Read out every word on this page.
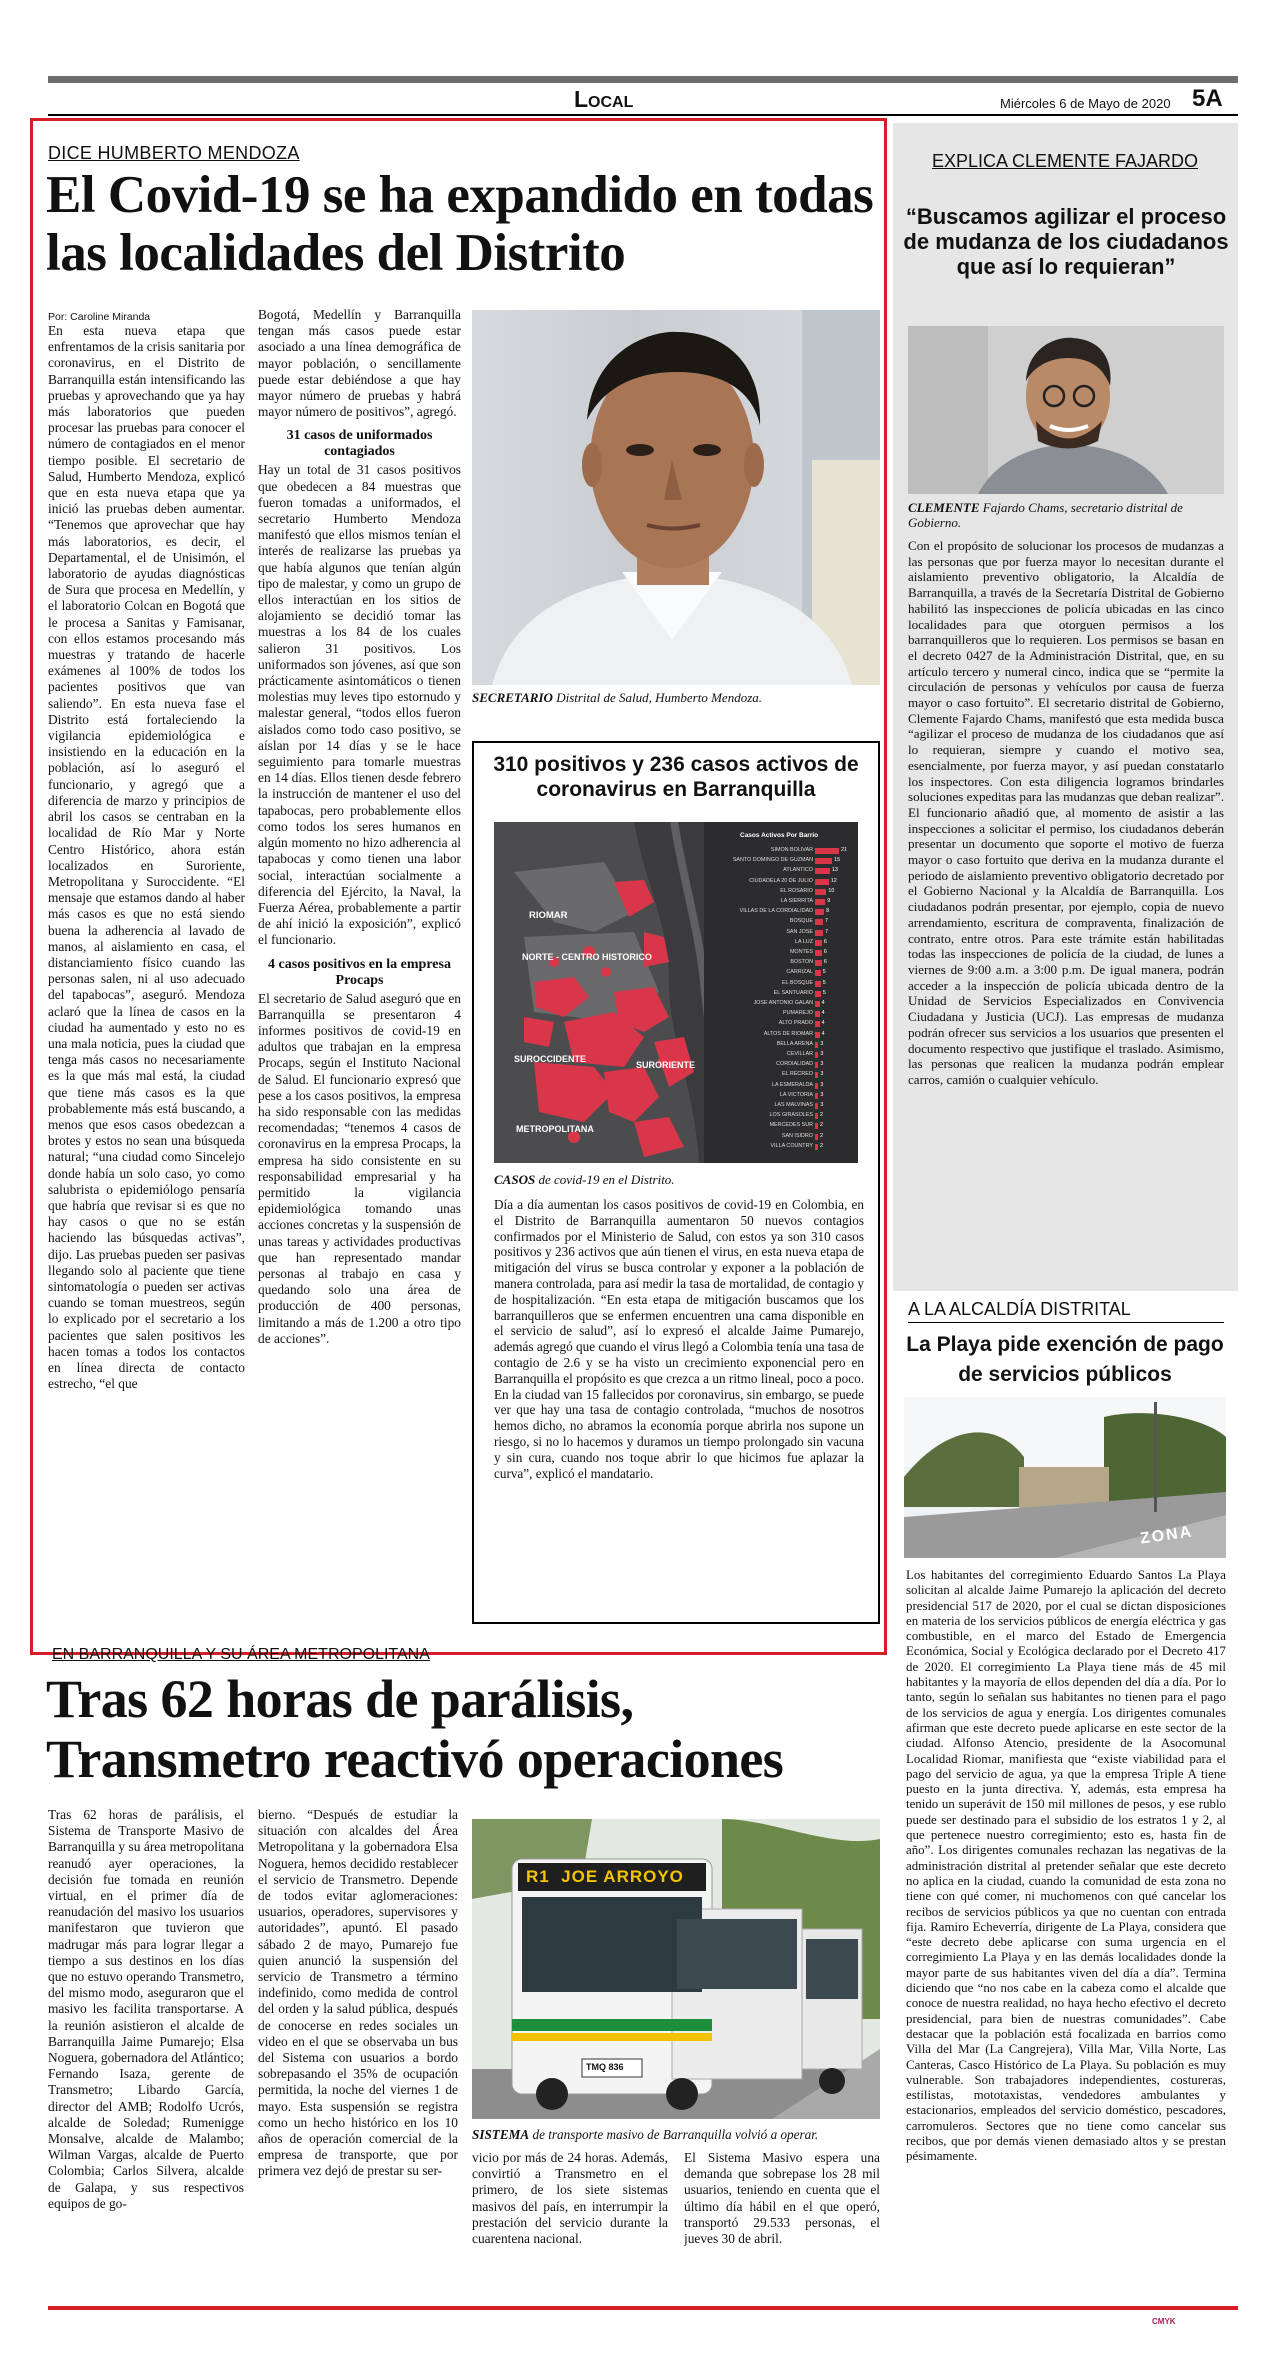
Local	Miércoles 6 de Mayo de 2020 5A
DICE HUMBERTO MENDOZA
El Covid-19 se ha expandido en todas las localidades del Distrito
Por: Caroline Miranda

En esta nueva etapa que enfrentamos de la crisis sanitaria por coronavirus, en el Distrito de Barranquilla están intensificando las pruebas y aprovechando que ya hay más laboratorios que pueden procesar las pruebas para conocer el número de contagiados en el menor tiempo posible. El secretario de Salud, Humberto Mendoza, explicó que en esta nueva etapa que ya inició las pruebas deben aumentar. “Tenemos que aprovechar que hay más laboratorios, es decir, el Departamental, el de Unisimón, el laboratorio de ayudas diagnósticas de Sura que procesa en Medellín, y el laboratorio Colcan en Bogotá que le procesa a Sanitas y Famisanar, con ellos estamos procesando más muestras y tratando de hacerle exámenes al 100% de todos los pacientes positivos que van saliendo”. En esta nueva fase el Distrito está fortaleciendo la vigilancia epidemiológica e insistiendo en la educación en la población, así lo aseguró el funcionario, y agregó que a diferencia de marzo y principios de abril los casos se centraban en la localidad de Río Mar y Norte Centro Histórico, ahora están localizados en Suroriente, Metropolitana y Suroccidente. “El mensaje que estamos dando al haber más casos es que no está siendo buena la adherencia al lavado de manos, al aislamiento en casa, el distanciamiento físico cuando las personas salen, ni al uso adecuado del tapabocas”, aseguró. Mendoza aclaró que la línea de casos en la ciudad ha aumentado y esto no es una mala noticia, pues la ciudad que tenga más casos no necesariamente es la que más mal está, la ciudad que tiene más casos es la que probablemente más está buscando, a menos que esos casos obedezcan a brotes y estos no sean una búsqueda natural; “una ciudad como Sincelejo donde había un solo caso, yo como salubrista o epidemiólogo pensaría que habría que revisar si es que no hay casos o que no se están haciendo las búsquedas activas”, dijo. Las pruebas pueden ser pasivas llegando solo al paciente que tiene sintomatología o pueden ser activas cuando se toman muestreos, según lo explicado por el secretario a los pacientes que salen positivos les hacen tomas a todos los contactos en línea directa de contacto estrecho, “el que

Bogotá, Medellín y Barranquilla tengan más casos puede estar asociado a una línea demográfica de mayor población, o sencillamente puede estar debiéndose a que hay mayor número de pruebas y habrá mayor número de positivos”, agregó.

31 casos de uniformados contagiados

Hay un total de 31 casos positivos que obedecen a 84 muestras que fueron tomadas a uniformados, el secretario Humberto Mendoza manifestó que ellos mismos tenían el interés de realizarse las pruebas ya que había algunos que tenían algún tipo de malestar, y como un grupo de ellos interactúan en los sitios de alojamiento se decidió tomar las muestras a los 84 de los cuales salieron 31 positivos. Los uniformados son jóvenes, así que son prácticamente asintomáticos o tienen molestias muy leves tipo estornudo y malestar general, “todos ellos fueron aislados como todo caso positivo, se aíslan por 14 días y se le hace seguimiento para tomarle muestras en 14 días. Ellos tienen desde febrero la instrucción de mantener el uso del tapabocas, pero probablemente ellos como todos los seres humanos en algún momento no hizo adherencia al tapabocas y como tienen una labor social, interactúan socialmente a diferencia del Ejército, la Naval, la Fuerza Aérea, probablemente a partir de ahí inició la exposición”, explicó el funcionario.

4 casos positivos en la empresa Procaps

El secretario de Salud aseguró que en Barranquilla se presentaron 4 informes positivos de covid-19 en adultos que trabajan en la empresa Procaps, según el Instituto Nacional de Salud. El funcionario expresó que pese a los casos positivos, la empresa ha sido responsable con las medidas recomendadas; “tenemos 4 casos de coronavirus en la empresa Procaps, la empresa ha sido consistente en su responsabilidad empresarial y ha permitido la vigilancia epidemiológica tomando unas acciones concretas y la suspensión de unas tareas y actividades productivas que han representado mandar personas al trabajo en casa y quedando solo una área de producción de 400 personas, limitando a más de 1.200 a otro tipo de acciones”.

SECRETARIO Distrital de Salud, Humberto Mendoza.
310 positivos y 236 casos activos de coronavirus en Barranquilla
RIOMAR
NORTE - CENTRO HISTORICO
SUROCCIDENTE
SURORIENTE
METROPOLITANA
Casos Activos Por Barrio
SIMON BOLIVAR	21
SANTO DOMINGO DE GUZMAN	15
ATLANTICO	13
CIUDADELA 20 DE JULIO	12
EL ROSARIO	10
LA SIERRITA	9
VILLAS DE LA CORDIALIDAD 8
BOSQUE 7
SAN JOSE 7
LA LUZ 6
MONTES 6
BOSTON 6
CARRIZAL 5
EL BOSQUE 5
EL SANTUARIO 5
JOSE ANTONIO GALAN 4
PUMAREJO 4
ALTO PRADO 4
ALTOS DE RIOMAR 4
BELLA ARENA 3
CEVILLAR 3
CORDIALIDAD 3
EL RECREO 3
LA ESMERALDA 3
LA VICTORIA 3
LAS MALVINAS 3
LOS GIRASOLES 2
MERCEDES SUR 2
SAN ISIDRO 2
VILLA COUNTRY 2
CASOS de covid-19 en el Distrito.

Día a día aumentan los casos positivos de covid-19 en Colombia, en el Distrito de Barranquilla aumentaron 50 nuevos contagios confirmados por el Ministerio de Salud, con estos ya son 310 casos positivos y 236 activos que aún tienen el virus, en esta nueva etapa de mitigación del virus se busca controlar y exponer a la población de manera controlada, para así medir la tasa de mortalidad, de contagio y de hospitalización. “En esta etapa de mitigación buscamos que los barranquilleros que se enfermen encuentren una cama disponible en el servicio de salud”, así lo expresó el alcalde Jaime Pumarejo, además agregó que cuando el virus llegó a Colombia tenía una tasa de contagio de 2.6 y se ha visto un crecimiento exponencial pero en Barranquilla el propósito es que crezca a un ritmo lineal, poco a poco. En la ciudad van 15 fallecidos por coronavirus, sin embargo, se puede ver que hay una tasa de contagio controlada, “muchos de nosotros hemos dicho, no abramos la economía porque abrirla nos supone un riesgo, si no lo hacemos y duramos un tiempo prolongado sin vacuna y sin cura, cuando nos toque abrir lo que hicimos fue aplazar la curva”, explicó el mandatario.

EXPLICA CLEMENTE FAJARDO
“Buscamos agilizar el proceso de mudanza de los ciudadanos que así lo requieran”
CLEMENTE Fajardo Chams, secretario distrital de Gobierno.

Con el propósito de solucionar los procesos de mudanzas a las personas que por fuerza mayor lo necesitan durante el aislamiento preventivo obligatorio, la Alcaldía de Barranquilla, a través de la Secretaría Distrital de Gobierno habilitó las inspecciones de policía ubicadas en las cinco localidades para que otorguen permisos a los barranquilleros que lo requieren. Los permisos se basan en el decreto 0427 de la Administración Distrital, que, en su artículo tercero y numeral cinco, indica que se “permite la circulación de personas y vehículos por causa de fuerza mayor o caso fortuito”. El secretario distrital de Gobierno, Clemente Fajardo Chams, manifestó que esta medida busca “agilizar el proceso de mudanza de los ciudadanos que así lo requieran, siempre y cuando el motivo sea, esencialmente, por fuerza mayor, y así puedan constatarlo los inspectores. Con esta diligencia logramos brindarles soluciones expeditas para las mudanzas que deban realizar”. El funcionario añadió que, al momento de asistir a las inspecciones a solicitar el permiso, los ciudadanos deberán presentar un documento que soporte el motivo de fuerza mayor o caso fortuito que deriva en la mudanza durante el periodo de aislamiento preventivo obligatorio decretado por el Gobierno Nacional y la Alcaldía de Barranquilla. Los ciudadanos podrán presentar, por ejemplo, copia de nuevo arrendamiento, escritura de compraventa, finalización de contrato, entre otros. Para este trámite están habilitadas todas las inspecciones de policía de la ciudad, de lunes a viernes de 9:00 a.m. a 3:00 p.m. De igual manera, podrán acceder a la inspección de policía ubicada dentro de la Unidad de Servicios Especializados en Convivencia Ciudadana y Justicia (UCJ). Las empresas de mudanza podrán ofrecer sus servicios a los usuarios que presenten el documento respectivo que justifique el traslado. Asimismo, las personas que realicen la mudanza podrán emplear carros, camión o cualquier vehículo.

A LA ALCALDÍA DISTRITAL
La Playa pide exención de pago de servicios públicos
ZONA

Los habitantes del corregimiento Eduardo Santos La Playa solicitan al alcalde Jaime Pumarejo la aplicación del decreto presidencial 517 de 2020, por el cual se dictan disposiciones en materia de los servicios públicos de energía eléctrica y gas combustible, en el marco del Estado de Emergencia Económica, Social y Ecológica declarado por el Decreto 417 de 2020. El corregimiento La Playa tiene más de 45 mil habitantes y la mayoría de ellos dependen del día a día. Por lo tanto, según lo señalan sus habitantes no tienen para el pago de los servicios de agua y energía. Los dirigentes comunales afirman que este decreto puede aplicarse en este sector de la ciudad. Alfonso Atencio, presidente de la Asocomunal Localidad Riomar, manifiesta que “existe viabilidad para el pago del servicio de agua, ya que la empresa Triple A tiene puesto en la junta directiva. Y, además, esta empresa ha tenido un superávit de 150 mil millones de pesos, y ese rublo puede ser destinado para el subsidio de los estratos 1 y 2, al que pertenece nuestro corregimiento; esto es, hasta fin de año”. Los dirigentes comunales rechazan las negativas de la administración distrital al pretender señalar que este decreto no aplica en la ciudad, cuando la comunidad de esta zona no tiene con qué comer, ni muchomenos con qué cancelar los recibos de servicios públicos ya que no cuentan con entrada fija. Ramiro Echeverría, dirigente de La Playa, considera que “este decreto debe aplicarse con suma urgencia en el corregimiento La Playa y en las demás localidades donde la mayor parte de sus habitantes viven del día a día”. Termina diciendo que “no nos cabe en la cabeza como el alcalde que conoce de nuestra realidad, no haya hecho efectivo el decreto presidencial, para bien de nuestras comunidades”. Cabe destacar que la población está focalizada en barrios como Villa del Mar (La Cangrejera), Villa Mar, Villa Norte, Las Canteras, Casco Histórico de La Playa. Su población es muy vulnerable. Son trabajadores independientes, costureras, estilistas, mototaxistas, vendedores ambulantes y estacionarios, empleados del servicio doméstico, pescadores, carromuleros. Sectores que no tiene como cancelar sus recibos, que por demás vienen demasiado altos y se prestan pésimamente.

EN BARRANQUILLA Y SU ÁREA METROPOLITANA
Tras 62 horas de parálisis, Transmetro reactivó operaciones

Tras 62 horas de parálisis, el Sistema de Transporte Masivo de Barranquilla y su área metropolitana reanudó ayer operaciones, la decisión fue tomada en reunión virtual, en el primer día de reanudación del masivo los usuarios manifestaron que tuvieron que madrugar más para lograr llegar a tiempo a sus destinos en los días que no estuvo operando Transmetro, del mismo modo, aseguraron que el masivo les facilita transportarse. A la reunión asistieron el alcalde de Barranquilla Jaime Pumarejo; Elsa Noguera, gobernadora del Atlántico; Fernando Isaza, gerente de Transmetro; Libardo García, director del AMB; Rodolfo Ucrós, alcalde de Soledad; Rumenigge Monsalve, alcalde de Malambo; Wilman Vargas, alcalde de Puerto Colombia; Carlos Silvera, alcalde de Galapa, y sus respectivos equipos de go-

bierno. “Después de estudiar la situación con alcaldes del Área Metropolitana y la gobernadora Elsa Noguera, hemos decidido restablecer el servicio de Transmetro. Depende de todos evitar aglomeraciones: usuarios, operadores, supervisores y autoridades”, apuntó. El pasado sábado 2 de mayo, Pumarejo fue quien anunció la suspensión del servicio de Transmetro a término indefinido, como medida de control del orden y la salud pública, después de conocerse en redes sociales un video en el que se observaba un bus del Sistema con usuarios a bordo sobrepasando el 35% de ocupación permitida, la noche del viernes 1 de mayo. Esta suspensión se registra como un hecho histórico en los 10 años de operación comercial de la empresa de transporte, que por primera vez dejó de prestar su ser-

R1  JOE ARROYO
TMQ 836
SISTEMA de transporte masivo de Barranquilla volvió a operar.

vicio por más de 24 horas. Además, convirtió a Transmetro en el primero, de los siete sistemas masivos del país, en interrumpir la prestación del servicio durante la cuarentena nacional.

El Sistema Masivo espera una demanda que sobrepase los 28 mil usuarios, teniendo en cuenta que el último día hábil en el que operó, transportó 29.533 personas, el jueves 30 de abril.

CMYK
